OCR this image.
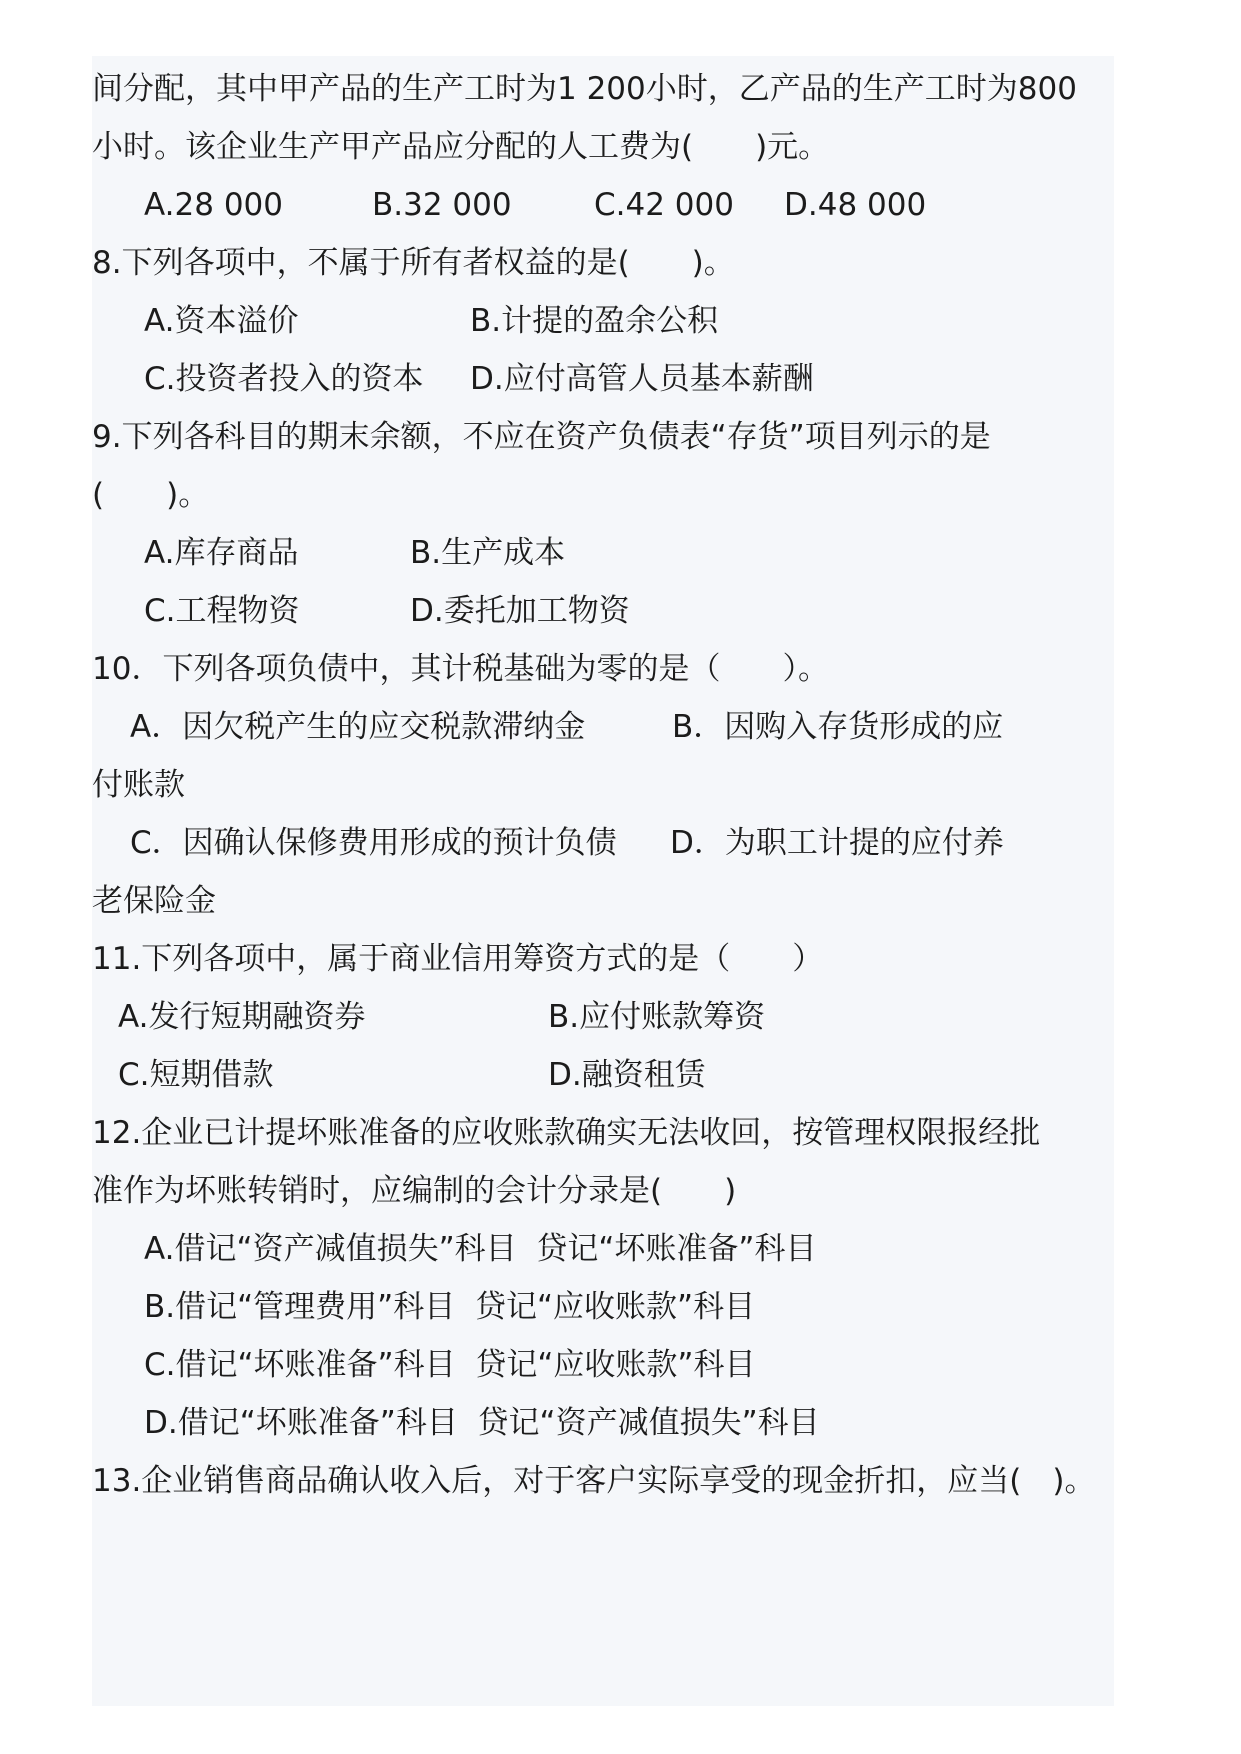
间分配，其中甲产品的生产工时为1 200小时，乙产品的生产工时为800
小时。该企业生产甲产品应分配的人工费为(　　)元。
A.28 000	B.32 000	C.42 000 D.48 000
8.下列各项中，不属于所有者权益的是(　　)。
A.资本溢价	B.计提的盈余公积
C.投资者投入的资本 D.应付高管人员基本薪酬
9.下列各科目的期末余额，不应在资产负债表“存货”项目列示的是
(　　)。
A.库存商品	B.生产成本
C.工程物资	D.委托加工物资
10．下列各项负债中，其计税基础为零的是（　　）。
A．因欠税产生的应交税款滞纳金	B．因购入存货形成的应
付账款
C．因确认保修费用形成的预计负债 D．为职工计提的应付养
老保险金
11.下列各项中，属于商业信用筹资方式的是（　　）
A.发行短期融资券	B.应付账款筹资
C.短期借款	D.融资租赁
12.企业已计提坏账准备的应收账款确实无法收回，按管理权限报经批
准作为坏账转销时，应编制的会计分录是(　　)
A.借记“资产减值损失”科目  贷记“坏账准备”科目
B.借记“管理费用”科目  贷记“应收账款”科目
C.借记“坏账准备”科目  贷记“应收账款”科目
D.借记“坏账准备”科目  贷记“资产减值损失”科目
13.企业销售商品确认收入后，对于客户实际享受的现金折扣，应当(　)。
